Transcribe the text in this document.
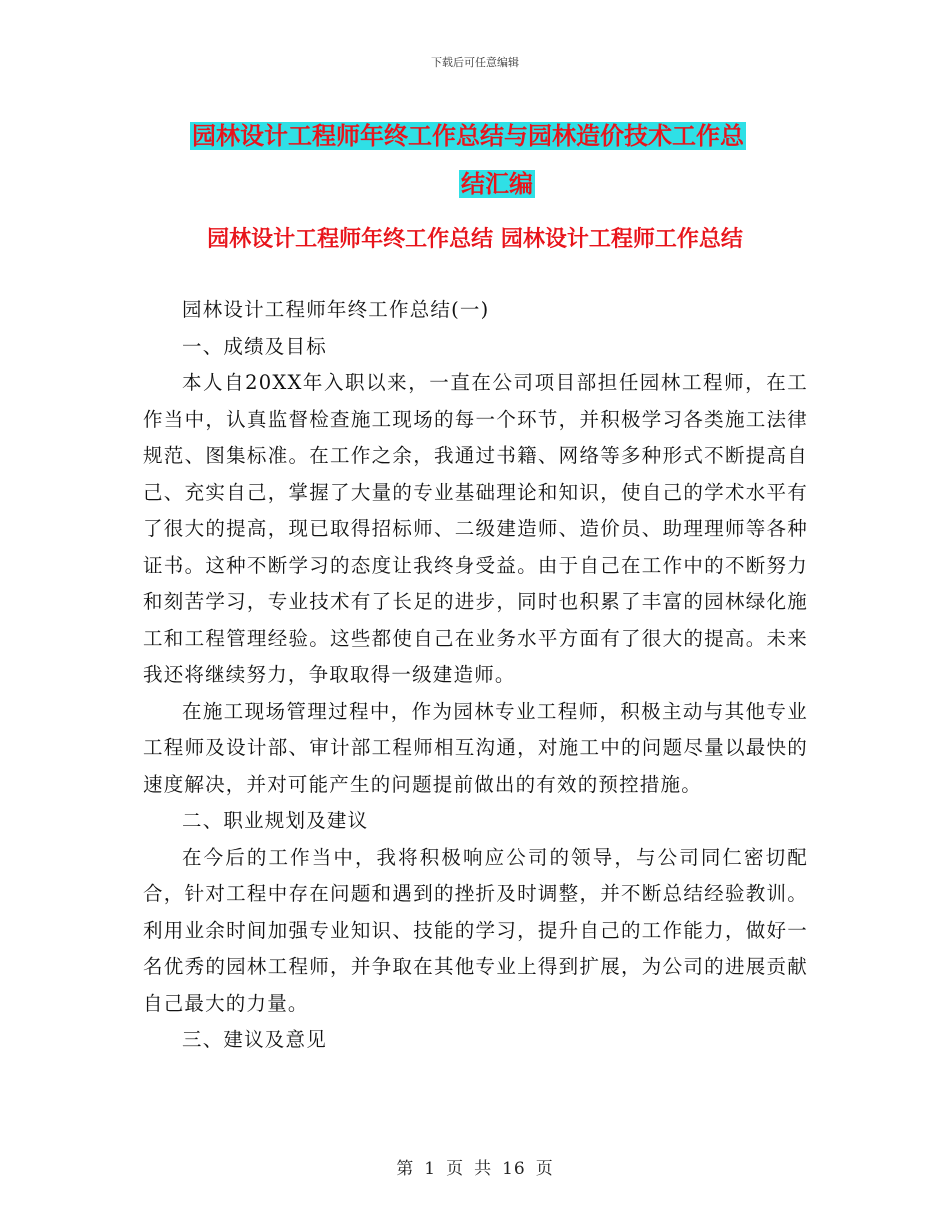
下载后可任意编辑
园林设计工程师年终工作总结与园林造价技术工作总
结汇编
园林设计工程师年终工作总结 园林设计工程师工作总结

园林设计工程师年终工作总结(一)

一、成绩及目标

本人自20XX年入职以来，一直在公司项目部担任园林工程师，在工作当中，认真监督检查施工现场的每一个环节，并积极学习各类施工法律规范、图集标准。在工作之余，我通过书籍、网络等多种形式不断提高自己、充实自己，掌握了大量的专业基础理论和知识，使自己的学术水平有了很大的提高，现已取得招标师、二级建造师、造价员、助理理师等各种证书。这种不断学习的态度让我终身受益。由于自己在工作中的不断努力和刻苦学习，专业技术有了长足的进步，同时也积累了丰富的园林绿化施工和工程管理经验。这些都使自己在业务水平方面有了很大的提高。未来我还将继续努力，争取取得一级建造师。

在施工现场管理过程中，作为园林专业工程师，积极主动与其他专业工程师及设计部、审计部工程师相互沟通，对施工中的问题尽量以最快的速度解决，并对可能产生的问题提前做出的有效的预控措施。

二、职业规划及建议

在今后的工作当中，我将积极响应公司的领导，与公司同仁密切配合，针对工程中存在问题和遇到的挫折及时调整，并不断总结经验教训。利用业余时间加强专业知识、技能的学习，提升自己的工作能力，做好一名优秀的园林工程师，并争取在其他专业上得到扩展，为公司的进展贡献自己最大的力量。

三、建议及意见

第 1 页 共 16 页
